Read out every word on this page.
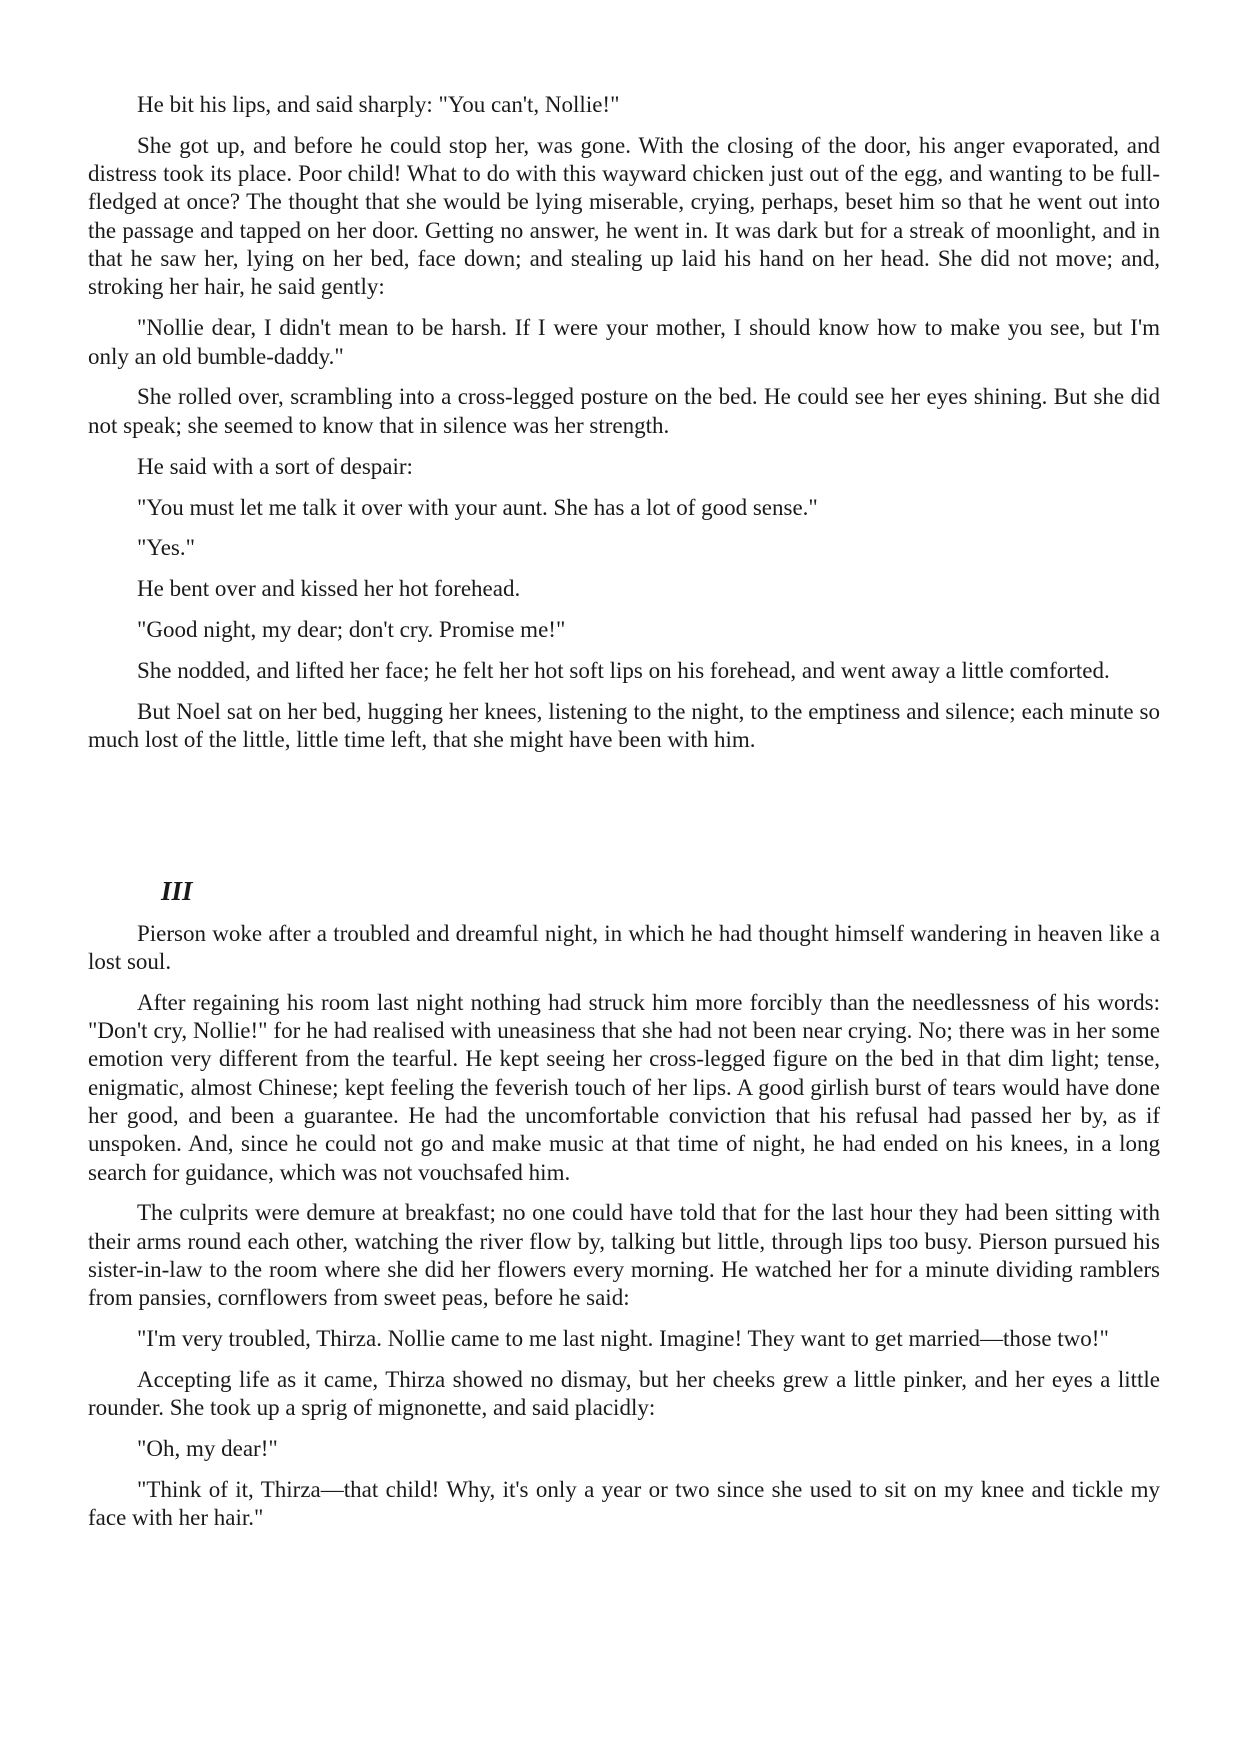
He bit his lips, and said sharply: "You can't, Nollie!"

She got up, and before he could stop her, was gone. With the closing of the door, his anger evaporated, and distress took its place. Poor child! What to do with this wayward chicken just out of the egg, and wanting to be full-fledged at once? The thought that she would be lying miserable, crying, perhaps, beset him so that he went out into the passage and tapped on her door. Getting no answer, he went in. It was dark but for a streak of moonlight, and in that he saw her, lying on her bed, face down; and stealing up laid his hand on her head. She did not move; and, stroking her hair, he said gently:

"Nollie dear, I didn't mean to be harsh. If I were your mother, I should know how to make you see, but I'm only an old bumble-daddy."

She rolled over, scrambling into a cross-legged posture on the bed. He could see her eyes shining. But she did not speak; she seemed to know that in silence was her strength.

He said with a sort of despair:

"You must let me talk it over with your aunt. She has a lot of good sense."

"Yes."

He bent over and kissed her hot forehead.

"Good night, my dear; don't cry. Promise me!"

She nodded, and lifted her face; he felt her hot soft lips on his forehead, and went away a little comforted.

But Noel sat on her bed, hugging her knees, listening to the night, to the emptiness and silence; each minute so much lost of the little, little time left, that she might have been with him.

III

Pierson woke after a troubled and dreamful night, in which he had thought himself wandering in heaven like a lost soul.

After regaining his room last night nothing had struck him more forcibly than the needlessness of his words: "Don't cry, Nollie!" for he had realised with uneasiness that she had not been near crying. No; there was in her some emotion very different from the tearful. He kept seeing her cross-legged figure on the bed in that dim light; tense, enigmatic, almost Chinese; kept feeling the feverish touch of her lips. A good girlish burst of tears would have done her good, and been a guarantee. He had the uncomfortable conviction that his refusal had passed her by, as if unspoken. And, since he could not go and make music at that time of night, he had ended on his knees, in a long search for guidance, which was not vouchsafed him.

The culprits were demure at breakfast; no one could have told that for the last hour they had been sitting with their arms round each other, watching the river flow by, talking but little, through lips too busy. Pierson pursued his sister-in-law to the room where she did her flowers every morning. He watched her for a minute dividing ramblers from pansies, cornflowers from sweet peas, before he said:

"I'm very troubled, Thirza. Nollie came to me last night. Imagine! They want to get married—those two!"

Accepting life as it came, Thirza showed no dismay, but her cheeks grew a little pinker, and her eyes a little rounder. She took up a sprig of mignonette, and said placidly:

"Oh, my dear!"

"Think of it, Thirza—that child! Why, it's only a year or two since she used to sit on my knee and tickle my face with her hair."
